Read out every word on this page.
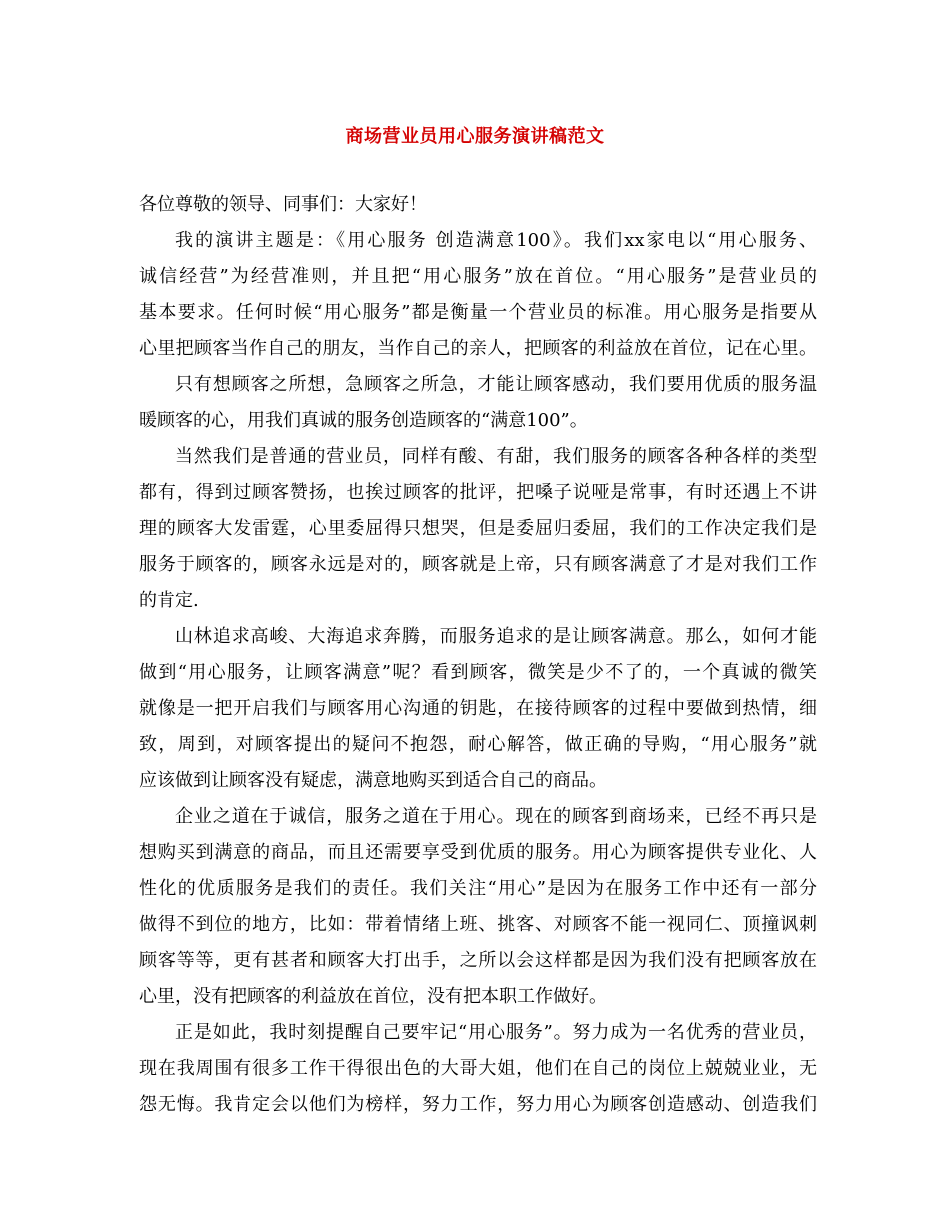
商场营业员用心服务演讲稿范文

各位尊敬的领导、同事们：大家好！

我的演讲主题是：《用心服务 创造满意100》。我们xx家电以“用心服务、
诚信经营”为经营准则，并且把“用心服务”放在首位。“用心服务”是营业员的
基本要求。任何时候“用心服务”都是衡量一个营业员的标准。用心服务是指要从
心里把顾客当作自己的朋友，当作自己的亲人，把顾客的利益放在首位，记在心里。
只有想顾客之所想，急顾客之所急，才能让顾客感动，我们要用优质的服务温
暖顾客的心，用我们真诚的服务创造顾客的“满意100”。
当然我们是普通的营业员，同样有酸、有甜，我们服务的顾客各种各样的类型
都有，得到过顾客赞扬，也挨过顾客的批评，把嗓子说哑是常事，有时还遇上不讲
理的顾客大发雷霆，心里委屈得只想哭，但是委屈归委屈，我们的工作决定我们是
服务于顾客的，顾客永远是对的，顾客就是上帝，只有顾客满意了才是对我们工作
的肯定.
山林追求高峻、大海追求奔腾，而服务追求的是让顾客满意。那么，如何才能
做到“用心服务，让顾客满意”呢？看到顾客，微笑是少不了的，一个真诚的微笑
就像是一把开启我们与顾客用心沟通的钥匙，在接待顾客的过程中要做到热情，细
致，周到，对顾客提出的疑问不抱怨，耐心解答，做正确的导购，“用心服务”就
应该做到让顾客没有疑虑，满意地购买到适合自己的商品。
企业之道在于诚信，服务之道在于用心。现在的顾客到商场来，已经不再只是
想购买到满意的商品，而且还需要享受到优质的服务。用心为顾客提供专业化、人
性化的优质服务是我们的责任。我们关注“用心”是因为在服务工作中还有一部分
做得不到位的地方，比如：带着情绪上班、挑客、对顾客不能一视同仁、顶撞讽刺
顾客等等，更有甚者和顾客大打出手，之所以会这样都是因为我们没有把顾客放在
心里，没有把顾客的利益放在首位，没有把本职工作做好。
正是如此，我时刻提醒自己要牢记“用心服务”。努力成为一名优秀的营业员，
现在我周围有很多工作干得很出色的大哥大姐，他们在自己的岗位上兢兢业业，无
怨无悔。我肯定会以他们为榜样，努力工作，努力用心为顾客创造感动、创造我们
